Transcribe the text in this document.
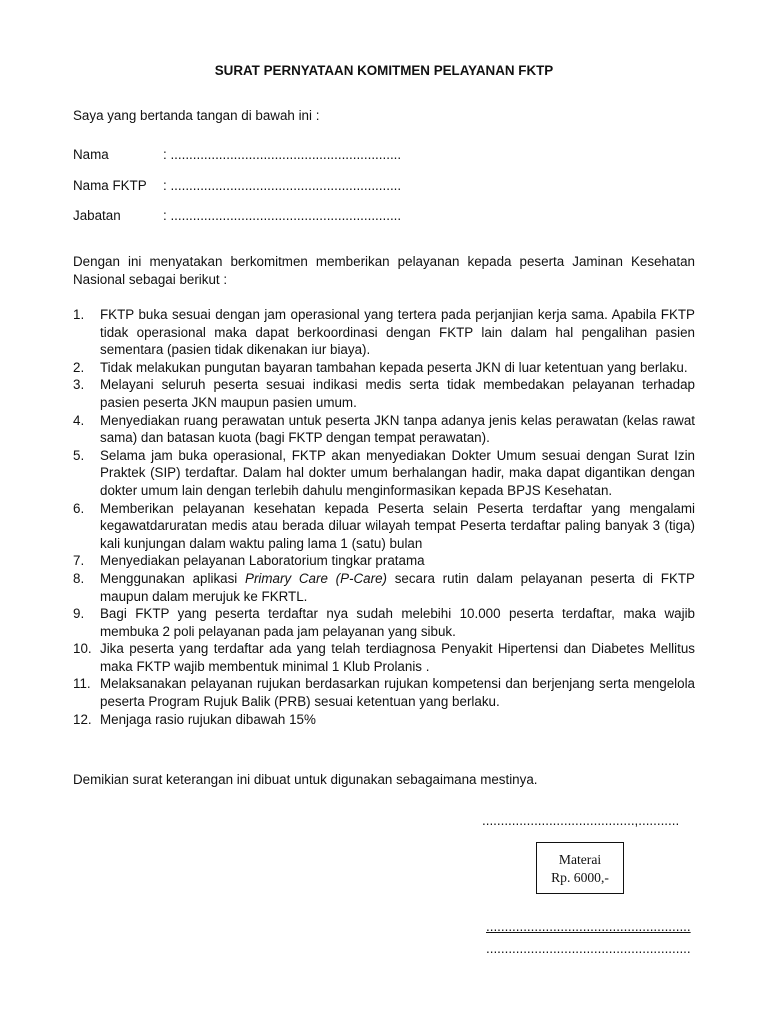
SURAT PERNYATAAN KOMITMEN PELAYANAN FKTP
Saya yang bertanda tangan di bawah ini :
Nama	: ..............................................................
Nama FKTP : ..............................................................
Jabatan	: ..............................................................
Dengan ini menyatakan berkomitmen memberikan pelayanan kepada peserta Jaminan Kesehatan Nasional sebagai berikut :
1. FKTP buka sesuai dengan jam operasional yang tertera pada perjanjian kerja sama. Apabila FKTP tidak operasional maka dapat berkoordinasi dengan FKTP lain dalam hal pengalihan pasien sementara (pasien tidak dikenakan iur biaya).
2. Tidak melakukan pungutan bayaran tambahan kepada peserta JKN di luar ketentuan yang berlaku.
3. Melayani seluruh peserta sesuai indikasi medis serta tidak membedakan pelayanan terhadap pasien peserta JKN maupun pasien umum.
4. Menyediakan ruang perawatan untuk peserta JKN tanpa adanya jenis kelas perawatan (kelas rawat sama) dan batasan kuota (bagi FKTP dengan tempat perawatan).
5. Selama jam buka operasional, FKTP akan menyediakan Dokter Umum sesuai dengan Surat Izin Praktek (SIP) terdaftar. Dalam hal dokter umum berhalangan hadir, maka dapat digantikan dengan dokter umum lain dengan terlebih dahulu menginformasikan kepada BPJS Kesehatan.
6. Memberikan pelayanan kesehatan kepada Peserta selain Peserta terdaftar yang mengalami kegawatdaruratan medis atau berada diluar wilayah tempat Peserta terdaftar paling banyak 3 (tiga) kali kunjungan dalam waktu paling lama 1 (satu) bulan
7. Menyediakan pelayanan Laboratorium tingkar pratama
8. Menggunakan aplikasi Primary Care (P-Care) secara rutin dalam pelayanan peserta di FKTP maupun dalam merujuk ke FKRTL.
9. Bagi FKTP yang peserta terdaftar nya sudah melebihi 10.000 peserta terdaftar, maka wajib membuka 2 poli pelayanan pada jam pelayanan yang sibuk.
10. Jika peserta yang terdaftar ada yang telah terdiagnosa Penyakit Hipertensi dan Diabetes Mellitus maka FKTP wajib membentuk minimal 1 Klub Prolanis .
11. Melaksanakan pelayanan rujukan berdasarkan rujukan kompetensi dan berjenjang serta mengelola peserta Program Rujuk Balik (PRB) sesuai ketentuan yang berlaku.
12. Menjaga rasio rujukan dibawah 15%
Demikian surat keterangan ini dibuat untuk digunakan sebagaimana mestinya.
.........................................,...........
Materai
Rp. 6000,-
.......................................................
.......................................................
